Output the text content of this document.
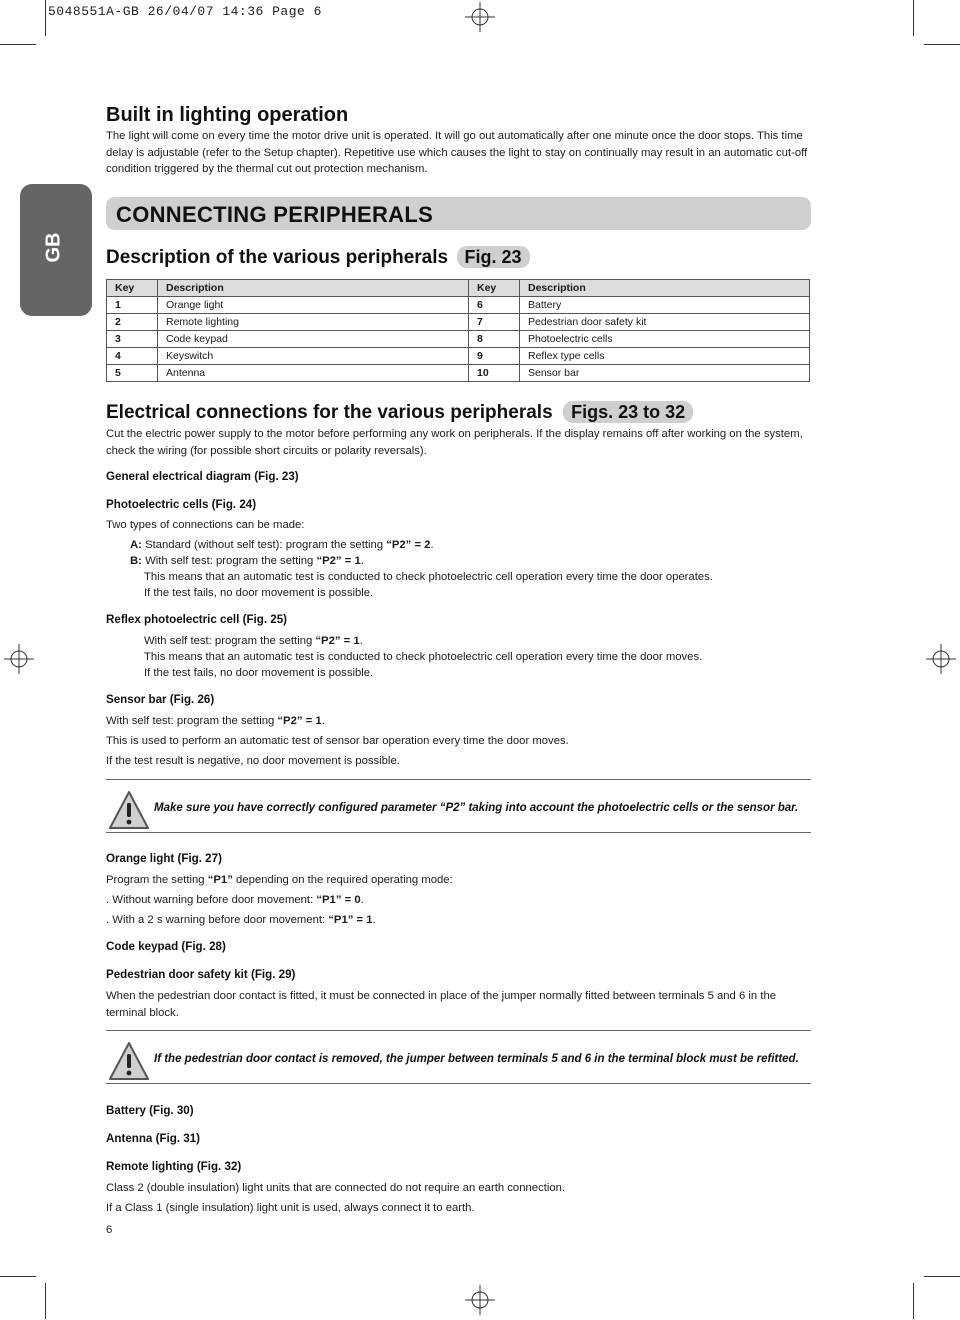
5048551A-GB 26/04/07 14:36 Page 6
Built in lighting operation
The light will come on every time the motor drive unit is operated. It will go out automatically after one minute once the door stops. This time delay is adjustable (refer to the Setup chapter). Repetitive use which causes the light to stay on continually may result in an automatic cut-off condition triggered by the thermal cut out protection mechanism.
GB
CONNECTING PERIPHERALS
Description of the various peripherals Fig. 23
Key	Description	Key	Description
1	Orange light	6	Battery
2	Remote lighting	7	Pedestrian door safety kit
3	Code keypad	8	Photoelectric cells
4	Keyswitch	9	Reflex type cells
5	Antenna	10	Sensor bar
Electrical connections for the various peripherals Figs. 23 to 32
Cut the electric power supply to the motor before performing any work on peripherals. If the display remains off after working on the system, check the wiring (for possible short circuits or polarity reversals).
General electrical diagram (Fig. 23)
Photoelectric cells (Fig. 24)
Two types of connections can be made:
A: Standard (without self test): program the setting “P2” = 2.
B: With self test: program the setting “P2” = 1.
This means that an automatic test is conducted to check photoelectric cell operation every time the door operates.
If the test fails, no door movement is possible.
Reflex photoelectric cell (Fig. 25)
With self test: program the setting “P2” = 1.
This means that an automatic test is conducted to check photoelectric cell operation every time the door moves.
If the test fails, no door movement is possible.
Sensor bar (Fig. 26)
With self test: program the setting “P2” = 1.
This is used to perform an automatic test of sensor bar operation every time the door moves.
If the test result is negative, no door movement is possible.
Make sure you have correctly configured parameter “P2” taking into account the photoelectric cells or the sensor bar.
Orange light (Fig. 27)
Program the setting “P1” depending on the required operating mode:
. Without warning before door movement: “P1” = 0.
. With a 2 s warning before door movement: “P1” = 1.
Code keypad (Fig. 28)
Pedestrian door safety kit (Fig. 29)
When the pedestrian door contact is fitted, it must be connected in place of the jumper normally fitted between terminals 5 and 6 in the terminal block.
If the pedestrian door contact is removed, the jumper between terminals 5 and 6 in the terminal block must be refitted.
Battery (Fig. 30)
Antenna (Fig. 31)
Remote lighting (Fig. 32)
Class 2 (double insulation) light units that are connected do not require an earth connection.
If a Class 1 (single insulation) light unit is used, always connect it to earth.
6
